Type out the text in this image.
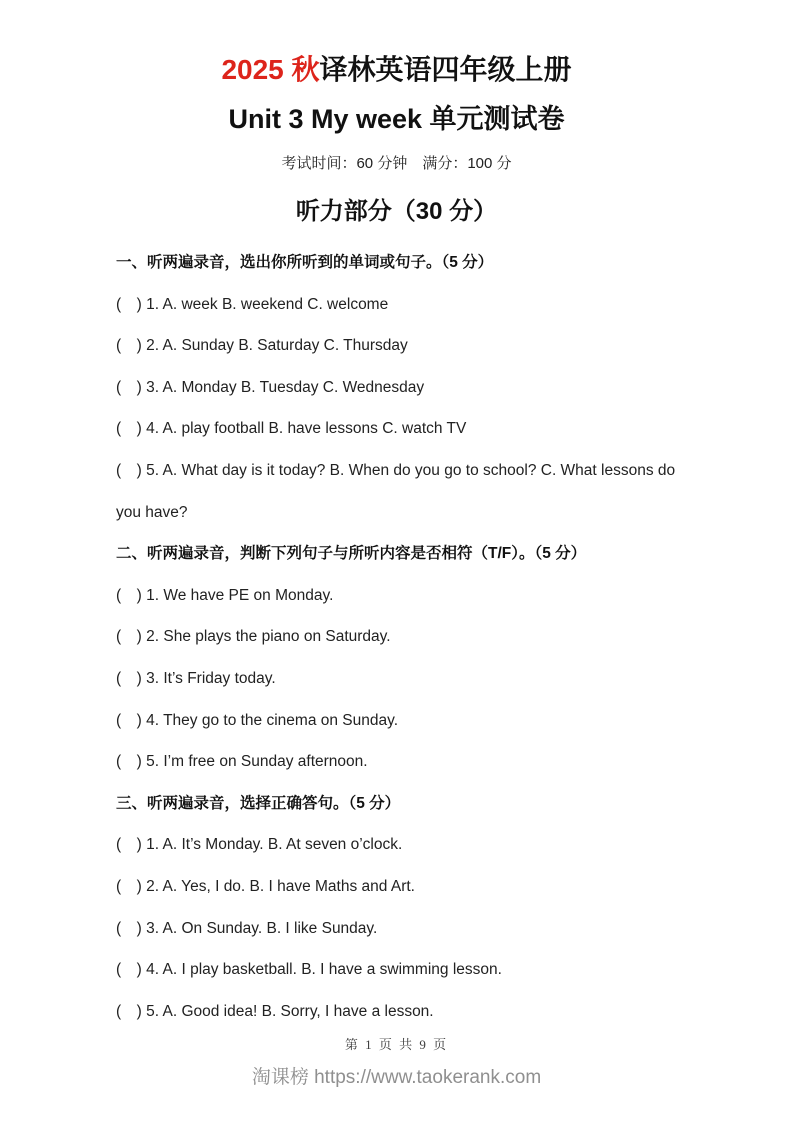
2025 秋译林英语四年级上册
Unit 3 My week 单元测试卷

考试时间：60 分钟　满分：100 分

听力部分（30 分）

一、听两遍录音，选出你所听到的单词或句子。（5 分）

(　) 1. A. week B. weekend C. welcome

(　) 2. A. Sunday B. Saturday C. Thursday

(　) 3. A. Monday B. Tuesday C. Wednesday

(　) 4. A. play football B. have lessons C. watch TV

(　) 5. A. What day is it today? B. When do you go to school? C. What lessons do you have?

二、听两遍录音，判断下列句子与所听内容是否相符（T/F）。（5 分）

(　) 1. We have PE on Monday.

(　) 2. She plays the piano on Saturday.

(　) 3. It’s Friday today.

(　) 4. They go to the cinema on Sunday.

(　) 5. I’m free on Sunday afternoon.

三、听两遍录音，选择正确答句。（5 分）

(　) 1. A. It’s Monday. B. At seven o’clock.

(　) 2. A. Yes, I do. B. I have Maths and Art.

(　) 3. A. On Sunday. B. I like Sunday.

(　) 4. A. I play basketball. B. I have a swimming lesson.

(　) 5. A. Good idea! B. Sorry, I have a lesson.

第 1 页 共 9 页

淘课榜 https://www.taokerank.com
